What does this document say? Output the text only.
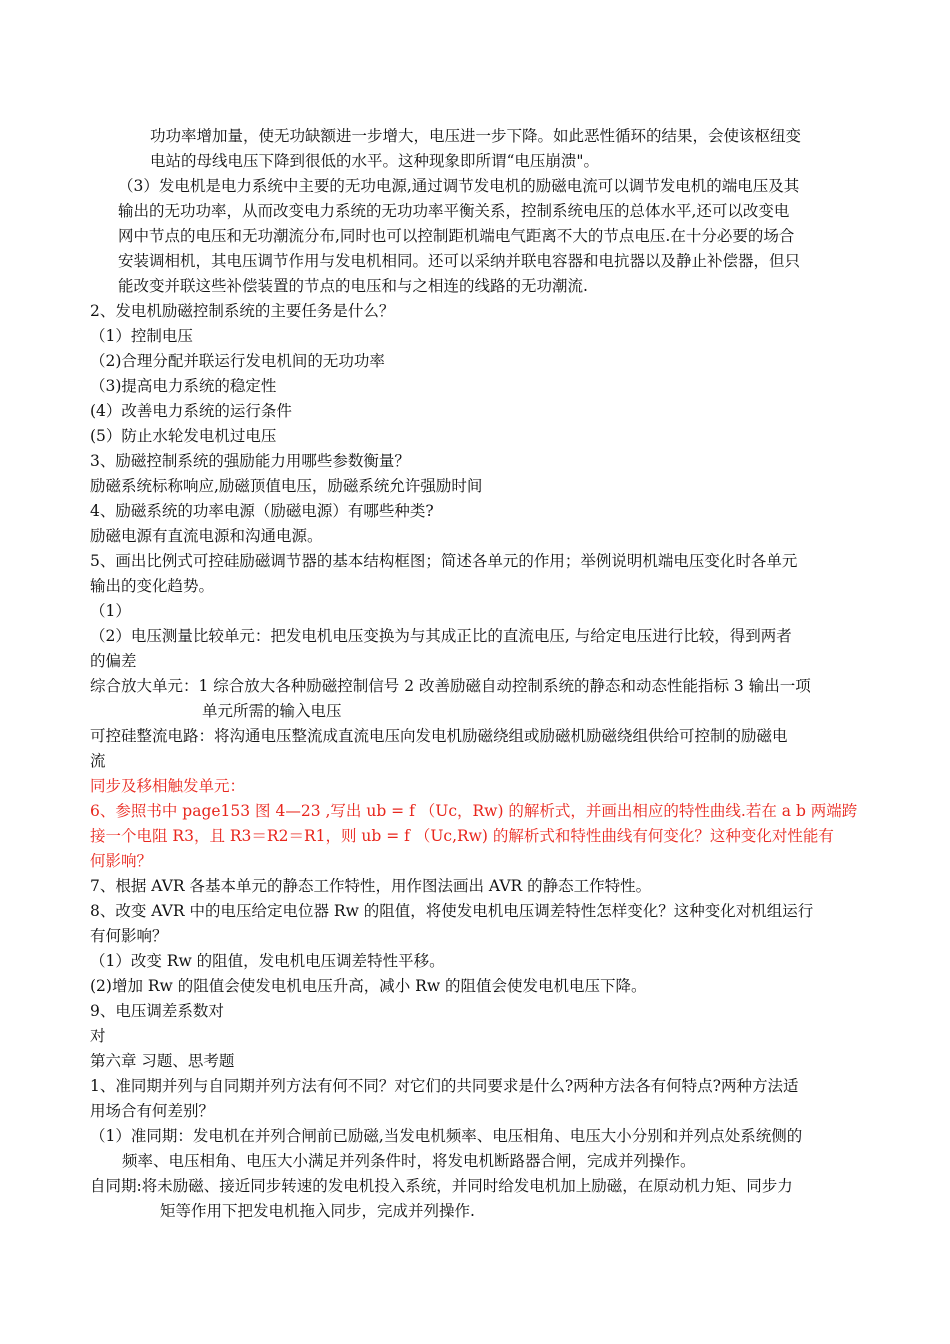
功功率增加量，使无功缺额进一步增大，电压进一步下降。如此恶性循环的结果，会使该枢纽变
电站的母线电压下降到很低的水平。这种现象即所谓“电压崩溃"。
（3）发电机是电力系统中主要的无功电源,通过调节发电机的励磁电流可以调节发电机的端电压及其
输出的无功功率，从而改变电力系统的无功功率平衡关系，控制系统电压的总体水平,还可以改变电
网中节点的电压和无功潮流分布,同时也可以控制距机端电气距离不大的节点电压.在十分必要的场合
安装调相机，其电压调节作用与发电机相同。还可以采纳并联电容器和电抗器以及静止补偿器，但只
能改变并联这些补偿装置的节点的电压和与之相连的线路的无功潮流.
2、发电机励磁控制系统的主要任务是什么？
（1）控制电压
（2)合理分配并联运行发电机间的无功功率
（3)提高电力系统的稳定性
(4）改善电力系统的运行条件
(5）防止水轮发电机过电压
3、励磁控制系统的强励能力用哪些参数衡量？
励磁系统标称响应,励磁顶值电压，励磁系统允许强励时间
4、励磁系统的功率电源（励磁电源）有哪些种类?
励磁电源有直流电源和沟通电源。
5、画出比例式可控硅励磁调节器的基本结构框图；简述各单元的作用；举例说明机端电压变化时各单元
输出的变化趋势。
（1）
（2）电压测量比较单元：把发电机电压变换为与其成正比的直流电压, 与给定电压进行比较，得到两者
的偏差
综合放大单元：1 综合放大各种励磁控制信号 2 改善励磁自动控制系统的静态和动态性能指标 3 输出一项
单元所需的输入电压
可控硅整流电路：将沟通电压整流成直流电压向发电机励磁绕组或励磁机励磁绕组供给可控制的励磁电
流
同步及移相触发单元：
6、参照书中 page153 图 4—23 ,写出 ub = f （Uc，Rw) 的解析式，并画出相应的特性曲线.若在 a b 两端跨
接一个电阻 R3，且 R3＝R2＝R1，则 ub = f （Uc,Rw) 的解析式和特性曲线有何变化？这种变化对性能有
何影响？
7、根据 AVR 各基本单元的静态工作特性，用作图法画出 AVR 的静态工作特性。
8、改变 AVR 中的电压给定电位器 Rw 的阻值，将使发电机电压调差特性怎样变化？这种变化对机组运行
有何影响？
（1）改变 Rw 的阻值，发电机电压调差特性平移。
(2)增加 Rw 的阻值会使发电机电压升高，减小 Rw 的阻值会使发电机电压下降。
9、电压调差系数对
对
第六章 习题、思考题
1、准同期并列与自同期并列方法有何不同？对它们的共同要求是什么?两种方法各有何特点?两种方法适
用场合有何差别？
（1）准同期：发电机在并列合闸前已励磁,当发电机频率、电压相角、电压大小分别和并列点处系统侧的
频率、电压相角、电压大小满足并列条件时，将发电机断路器合闸，完成并列操作。
自同期:将未励磁、接近同步转速的发电机投入系统，并同时给发电机加上励磁，在原动机力矩、同步力
矩等作用下把发电机拖入同步，完成并列操作.
